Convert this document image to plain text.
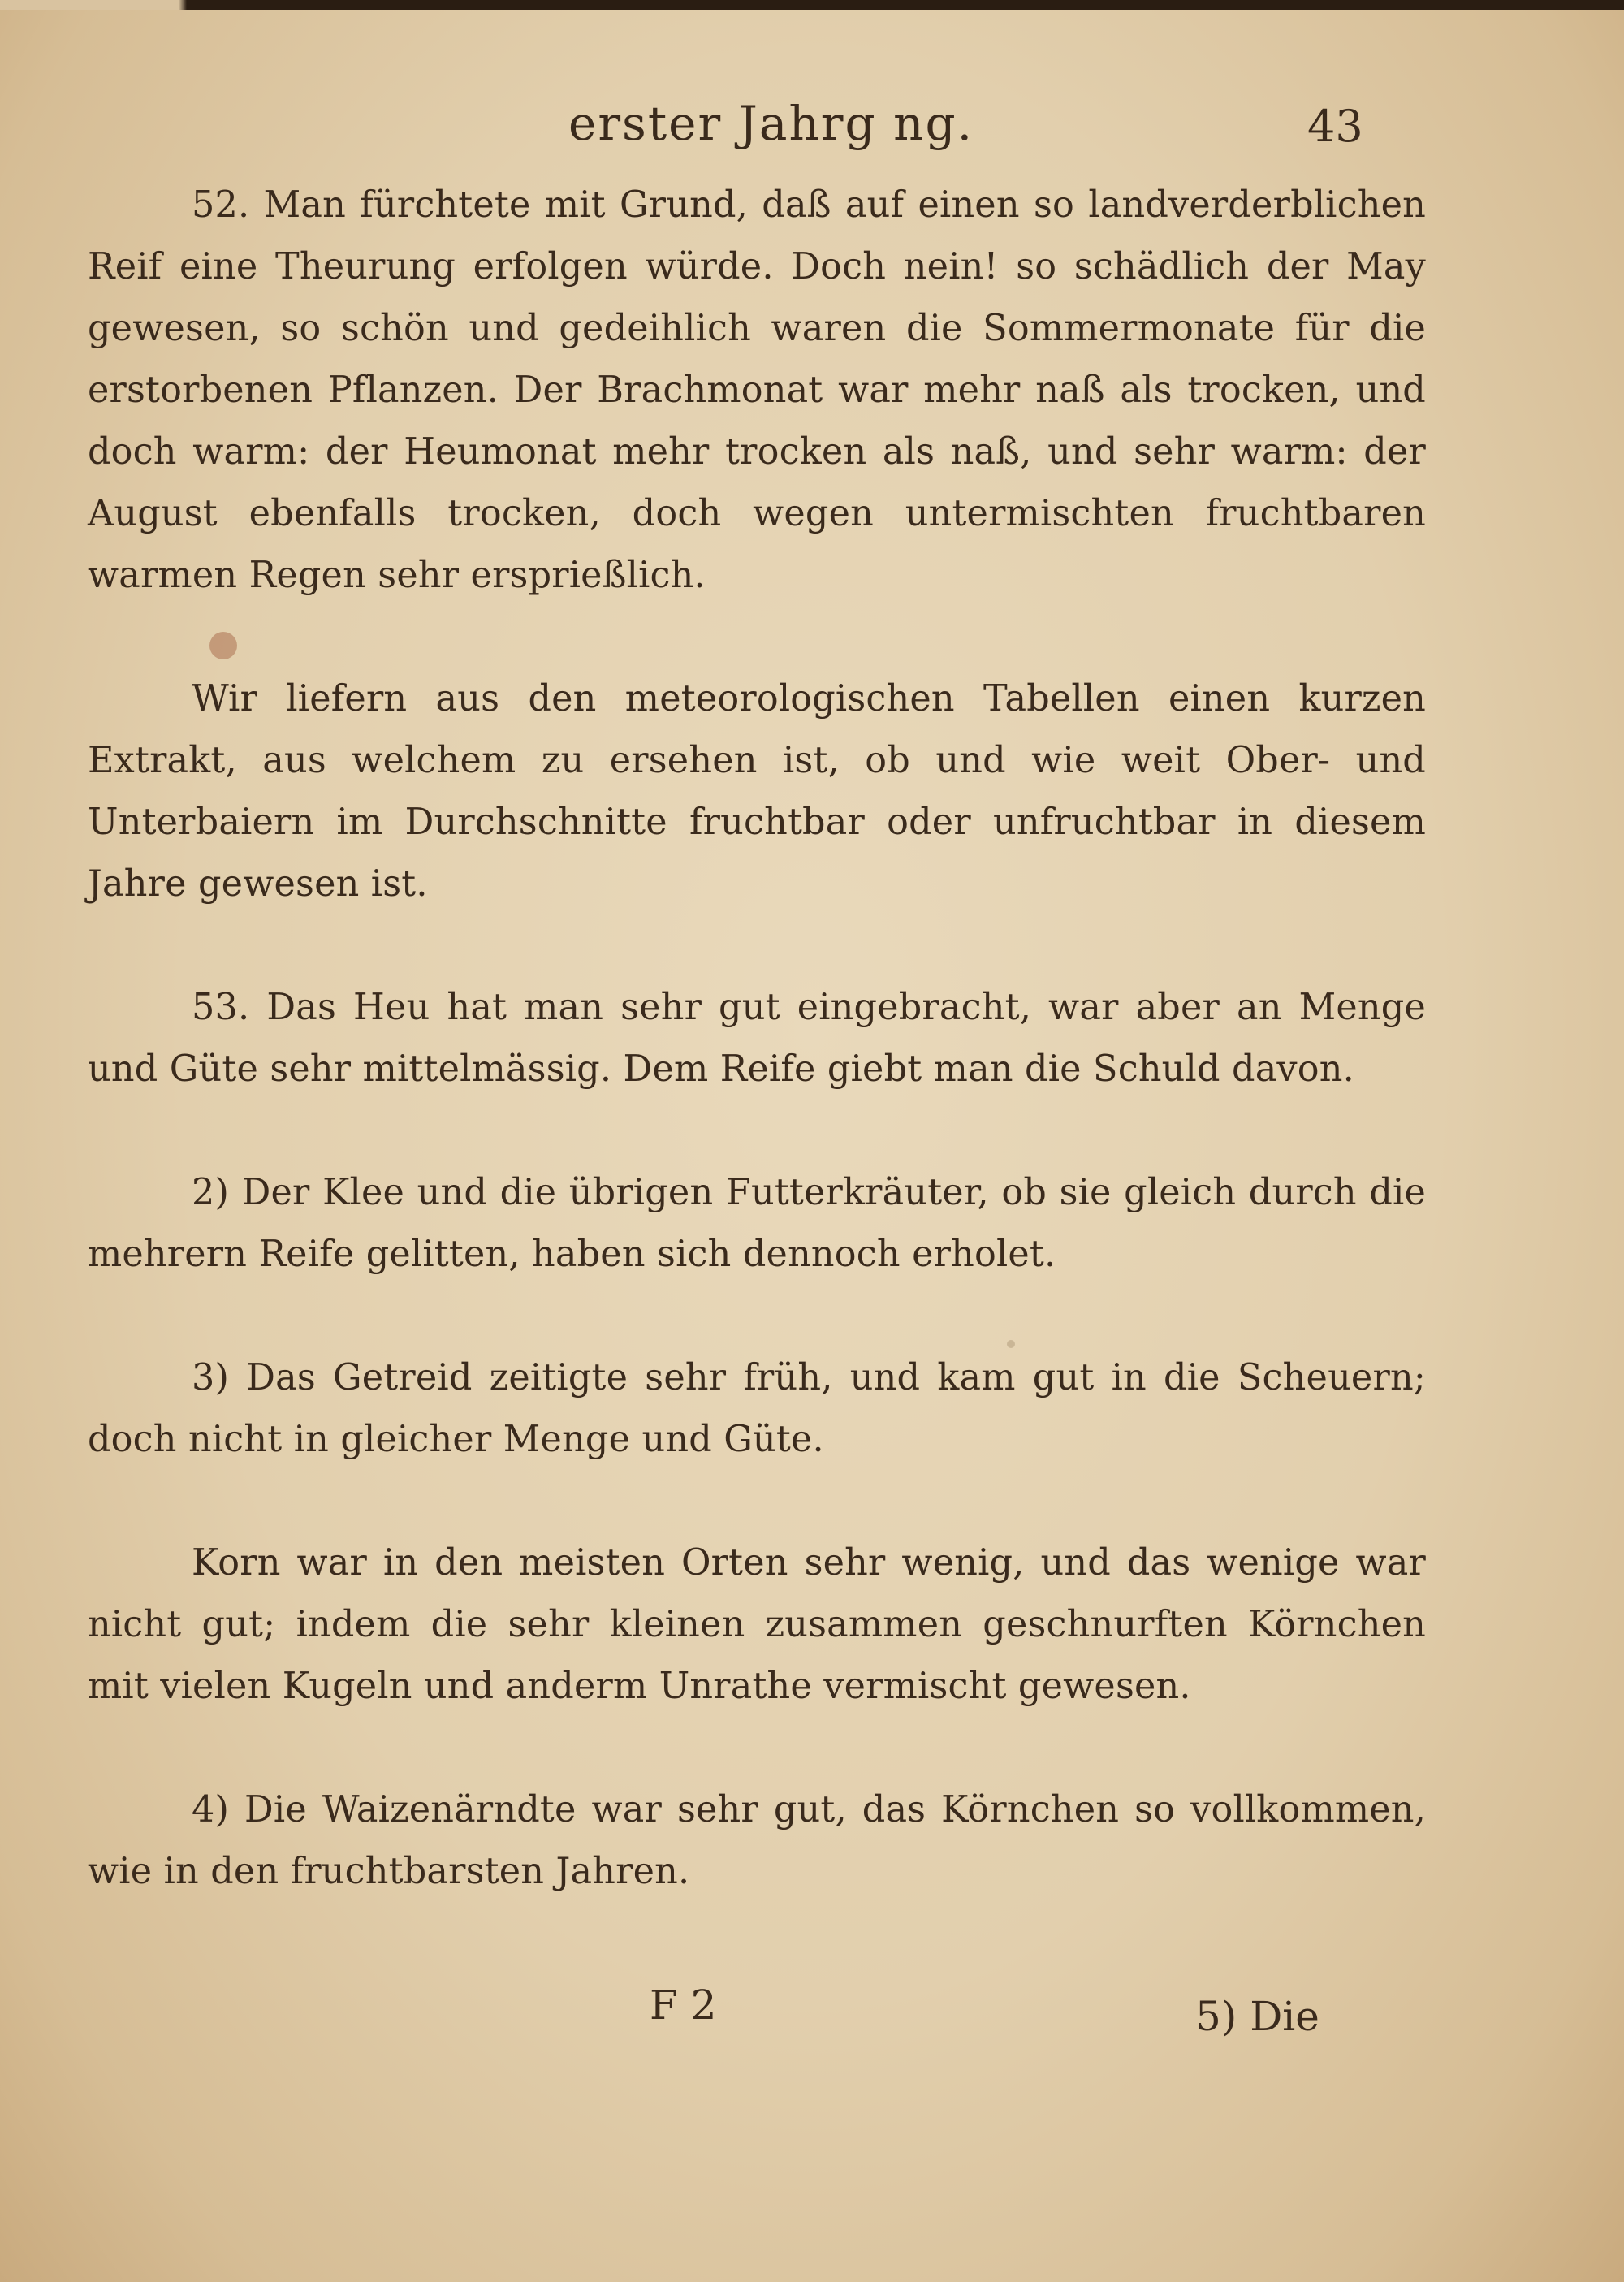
erster Jahrg ng.	43

52. Man fürchtete mit Grund, daß auf einen so landverderblichen Reif eine Theurung erfolgen würde. Doch nein! so schädlich der May gewesen, so schön und gedeihlich waren die Sommermonate für die erstorbenen Pflanzen. Der Brachmonat war mehr naß als trocken, und doch warm: der Heumonat mehr trocken als naß, und sehr warm: der August ebenfalls trocken, doch wegen untermischten fruchtbaren warmen Regen sehr ersprießlich.

Wir liefern aus den meteorologischen Tabellen einen kurzen Extrakt, aus welchem zu ersehen ist, ob und wie weit Ober- und Unterbaiern im Durchschnitte fruchtbar oder unfruchtbar in diesem Jahre gewesen ist.

53. Das Heu hat man sehr gut eingebracht, war aber an Menge und Güte sehr mittelmässig. Dem Reife giebt man die Schuld davon.

2) Der Klee und die übrigen Futterkräuter, ob sie gleich durch die mehrern Reife gelitten, haben sich dennoch erholet.

3) Das Getreid zeitigte sehr früh, und kam gut in die Scheuern; doch nicht in gleicher Menge und Güte.

Korn war in den meisten Orten sehr wenig, und das wenige war nicht gut; indem die sehr kleinen zusammen geschnurften Körnchen mit vielen Kugeln und anderm Unrathe vermischt gewesen.

4) Die Waizenärndte war sehr gut, das Körnchen so vollkommen, wie in den fruchtbarsten Jahren.

F 2	5) Die
